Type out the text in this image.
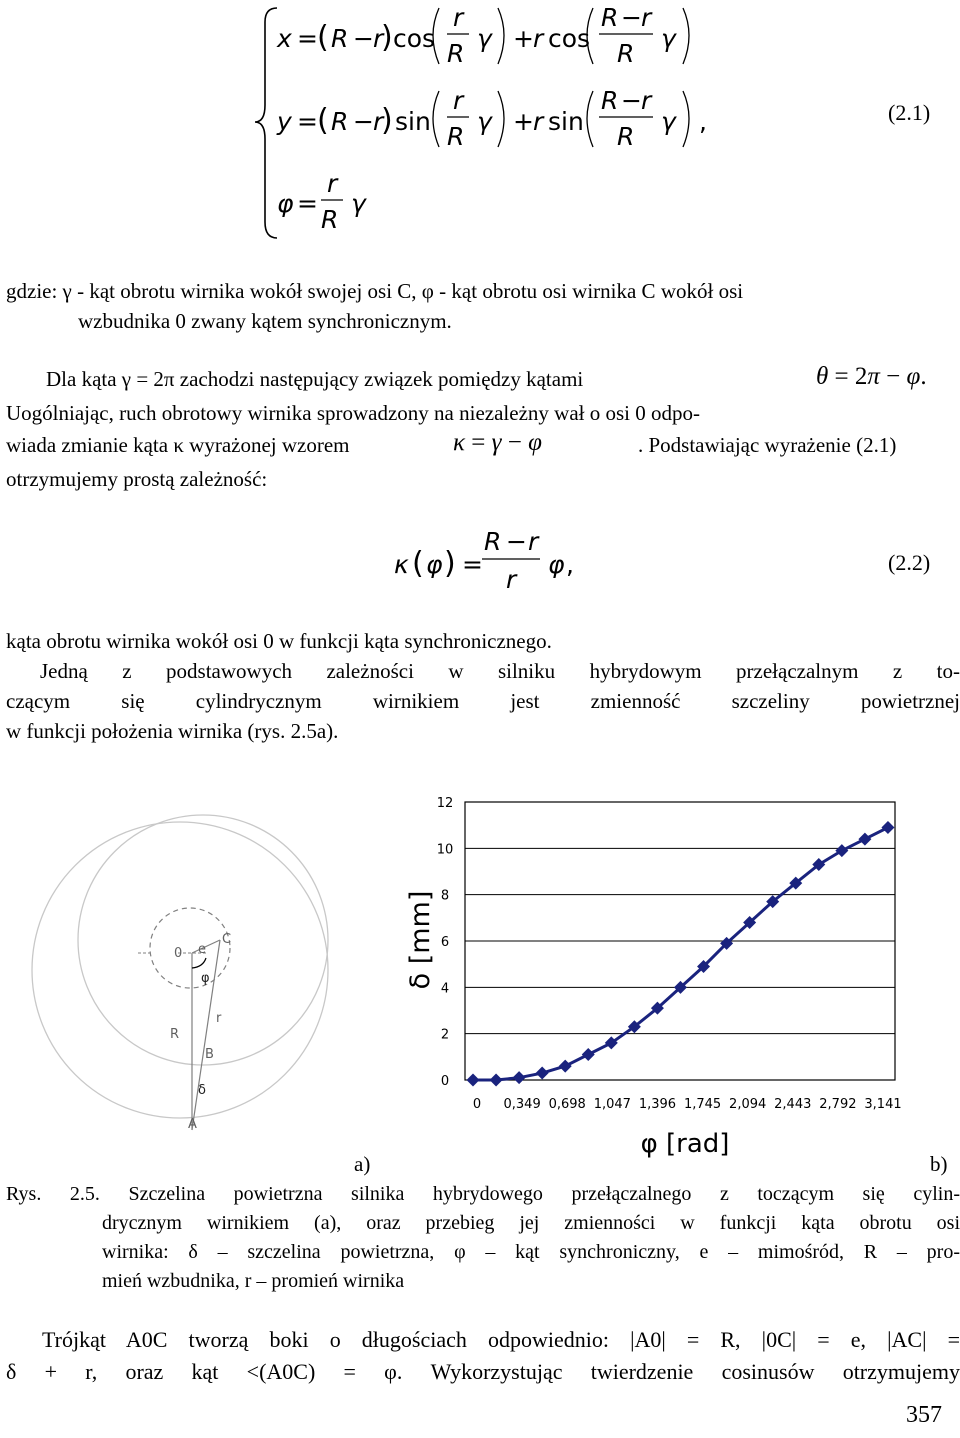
x = ( R − r
) cos
r
R
γ + r cos
R − r
R
γ
y = ( R − r
) sin
r
R
γ + r sin
R − r
R
γ ,
φ =
r
R
γ
(2.1)
gdzie: γ - kąt obrotu wirnika wokół swojej osi C, φ - kąt obrotu osi wirnika C wokół osi
wzbudnika 0 zwany kątem synchronicznym.
Dla kąta γ = 2π zachodzi następujący związek pomiędzy kątami	θ = 2π − φ.
Uogólniając, ruch obrotowy wirnika sprowadzony na niezależny wał o osi 0 odpo-
wiada zmianie kąta κ wyrażonej wzorem	κ = γ − φ	. Podstawiając wyrażenie (2.1)
otrzymujemy prostą zależność:
κ ( φ ) =
R − r
r
φ ,	(2.2)
kąta obrotu wirnika wokół osi 0 w funkcji kąta synchronicznego.
Jedną z podstawowych zależności w silniku hybrydowym przełączalnym z to-
czącym się cylindrycznym wirnikiem jest zmienność szczeliny powietrznej
w funkcji położenia wirnika (rys. 2.5a).
0 e
C
φ
R
r
B
δ
A
0
2
4
6
8
10
12
0 0,349 0,698 1,047 1,396 1,745 2,094 2,443 2,792 3,141
δ [mm]
φ [rad]
a)	b)
Rys. 2.5. Szczelina powietrzna silnika hybrydowego przełączalnego z toczącym się cylin-
drycznym wirnikiem (a), oraz przebieg jej zmienności w funkcji kąta obrotu osi
wirnika: δ – szczelina powietrzna, φ – kąt synchroniczny, e – mimośród, R – pro-
mień wzbudnika, r – promień wirnika
Trójkąt A0C tworzą boki o długościach odpowiednio: |A0| = R, |0C| = e, |AC| =
δ + r, oraz kąt <(A0C) = φ. Wykorzystując twierdzenie cosinusów otrzymujemy
357
